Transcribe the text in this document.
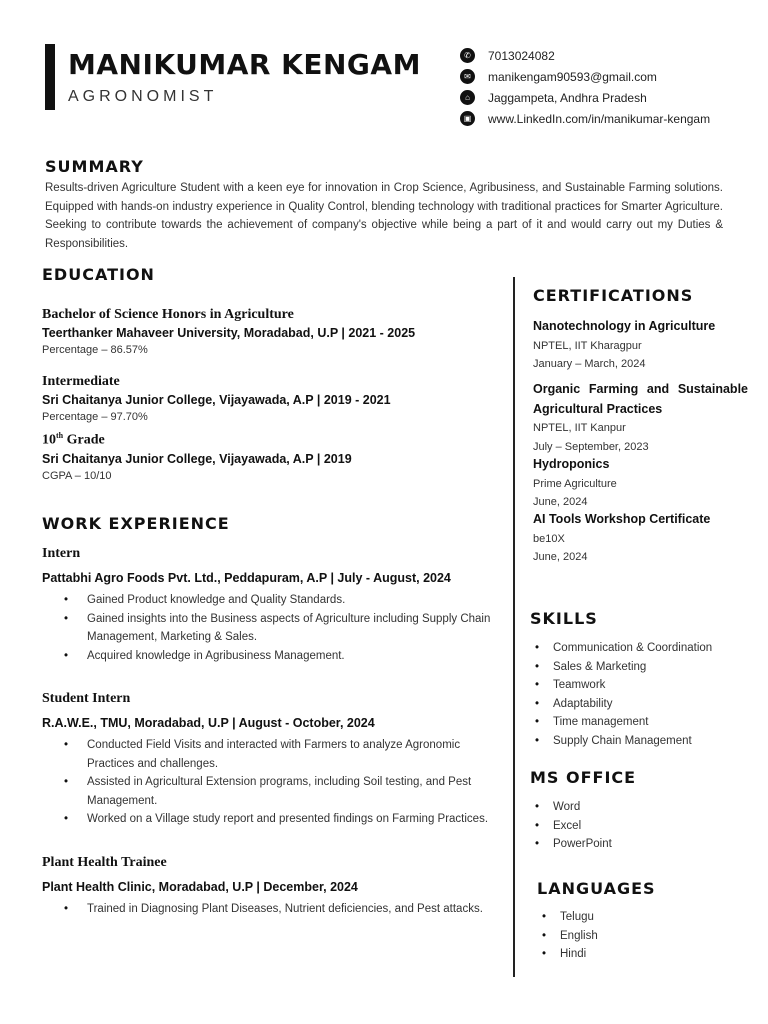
MANIKUMAR KENGAM
AGRONOMIST
✆	7013024082
✉	manikengam90593@gmail.com
⌂	Jaggampeta, Andhra Pradesh
▣	www.LinkedIn.com/in/manikumar-kengam
SUMMARY
Results-driven Agriculture Student with a keen eye for innovation in Crop Science, Agribusiness, and Sustainable Farming solutions. Equipped with hands-on industry experience in Quality Control, blending technology with traditional practices for Smarter Agriculture. Seeking to contribute towards the achievement of company's objective while being a part of it and would carry out my Duties & Responsibilities.
EDUCATION
Bachelor of Science Honors in Agriculture
Teerthanker Mahaveer University, Moradabad, U.P | 2021 - 2025
Percentage – 86.57%
Intermediate
Sri Chaitanya Junior College, Vijayawada, A.P | 2019 - 2021
Percentage – 97.70%
10th Grade
Sri Chaitanya Junior College, Vijayawada, A.P | 2019
CGPA – 10/10
WORK EXPERIENCE
Intern
Pattabhi Agro Foods Pvt. Ltd., Peddapuram, A.P | July - August, 2024
• Gained Product knowledge and Quality Standards.
• Gained insights into the Business aspects of Agriculture including Supply Chain Management, Marketing & Sales.
• Acquired knowledge in Agribusiness Management.
Student Intern
R.A.W.E., TMU, Moradabad, U.P | August - October, 2024
• Conducted Field Visits and interacted with Farmers to analyze Agronomic Practices and challenges.
• Assisted in Agricultural Extension programs, including Soil testing, and Pest Management.
• Worked on a Village study report and presented findings on Farming Practices.
Plant Health Trainee
Plant Health Clinic, Moradabad, U.P | December, 2024
• Trained in Diagnosing Plant Diseases, Nutrient deficiencies, and Pest attacks.
CERTIFICATIONS
Nanotechnology in Agriculture
NPTEL, IIT Kharagpur
January – March, 2024
Organic Farming and Sustainable Agricultural Practices
NPTEL, IIT Kanpur
July – September, 2023
Hydroponics
Prime Agriculture
June, 2024
AI Tools Workshop Certificate
be10X
June, 2024
SKILLS
• Communication & Coordination
• Sales & Marketing
• Teamwork
• Adaptability
• Time management
• Supply Chain Management
MS OFFICE
• Word
• Excel
• PowerPoint
LANGUAGES
• Telugu
• English
• Hindi
